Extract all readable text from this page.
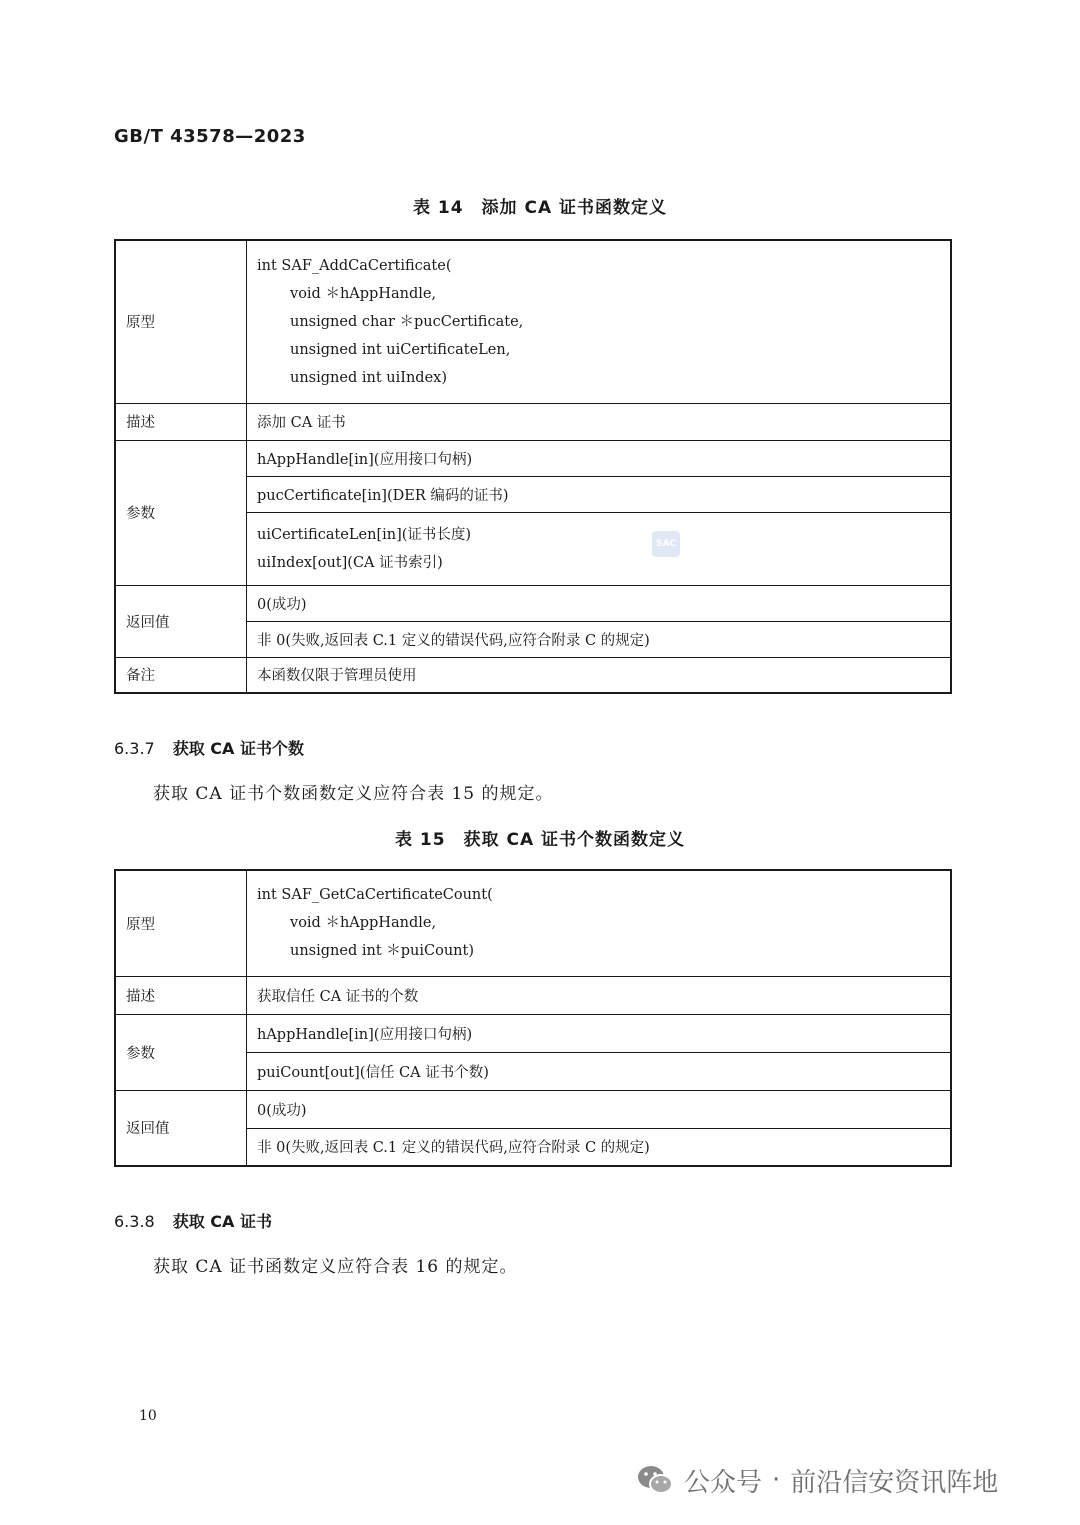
GB/T 43578—2023
表 14　添加 CA 证书函数定义
原型	int SAF_AddCaCertificate(
void ＊hAppHandle,
unsigned char ＊pucCertificate,
unsigned int uiCertificateLen,
unsigned int uiIndex)

描述	添加 CA 证书
参数	hAppHandle[in](应用接口句柄)
	pucCertificate[in](DER 编码的证书)

	uiCertificateLen[in](证书长度)
uiIndex[out](CA 证书索引)

返回值	0(成功)
	非 0(失败,返回表 C.1 定义的错误代码,应符合附录 C 的规定)
备注	本函数仅限于管理员使用
SAC
6.3.7 获取 CA 证书个数
获取 CA 证书个数函数定义应符合表 15 的规定。
表 15　获取 CA 证书个数函数定义
原型	int SAF_GetCaCertificateCount(
void ＊hAppHandle,
unsigned int ＊puiCount)

描述	获取信任 CA 证书的个数
参数	hAppHandle[in](应用接口句柄)
	puiCount[out](信任 CA 证书个数)
返回值	0(成功)
	非 0(失败,返回表 C.1 定义的错误代码,应符合附录 C 的规定)
6.3.8 获取 CA 证书
获取 CA 证书函数定义应符合表 16 的规定。
10
公众号 · 前沿信安资讯阵地
